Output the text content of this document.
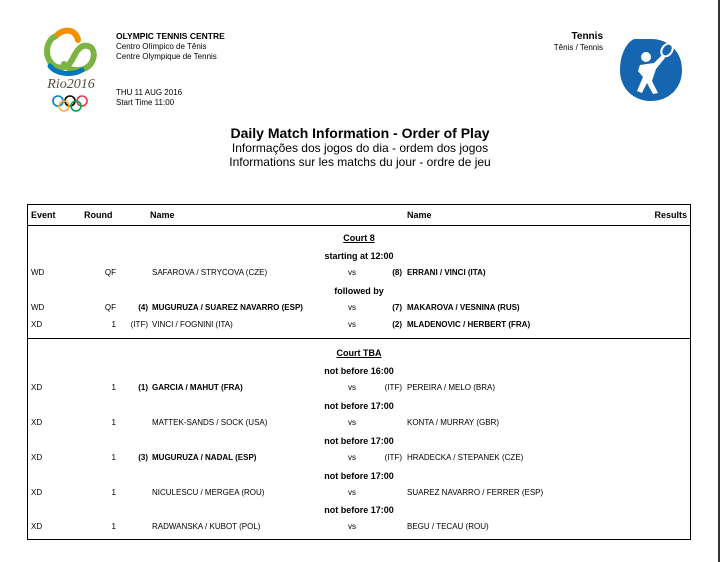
Rio2016
OLYMPIC TENNIS CENTRE
Centro Olímpico de Tênis
Centre Olympique de Tennis
THU 11 AUG 2016
Start Time 11:00
Tennis
Tênis / Tennis
Daily Match Information - Order of Play
Informações dos jogos do dia - ordem dos jogos
Informations sur les matchs du jour - ordre de jeu
Event	Round	Name	Name	Results
Court 8
starting at 12:00
WD	QF	SAFAROVA / STRYCOVA (CZE)	vs	(8) ERRANI / VINCI (ITA)
followed by
WD	QF	(4) MUGURUZA / SUAREZ NAVARRO (ESP)	vs	(7) MAKAROVA / VESNINA (RUS)
XD	1	(ITF) VINCI / FOGNINI (ITA)	vs	(2) MLADENOVIC / HERBERT (FRA)
Court TBA
not before 16:00
XD	1	(1) GARCIA / MAHUT (FRA)	vs	(ITF) PEREIRA / MELO (BRA)
not before 17:00
XD	1	MATTEK-SANDS / SOCK (USA)	vs	KONTA / MURRAY (GBR)
not before 17:00
XD	1	(3) MUGURUZA / NADAL (ESP)	vs	(ITF) HRADECKA / STEPANEK (CZE)
not before 17:00
XD	1	NICULESCU / MERGEA (ROU)	vs	SUAREZ NAVARRO / FERRER (ESP)
not before 17:00
XD	1	RADWANSKA / KUBOT (POL)	vs	BEGU / TECAU (ROU)
